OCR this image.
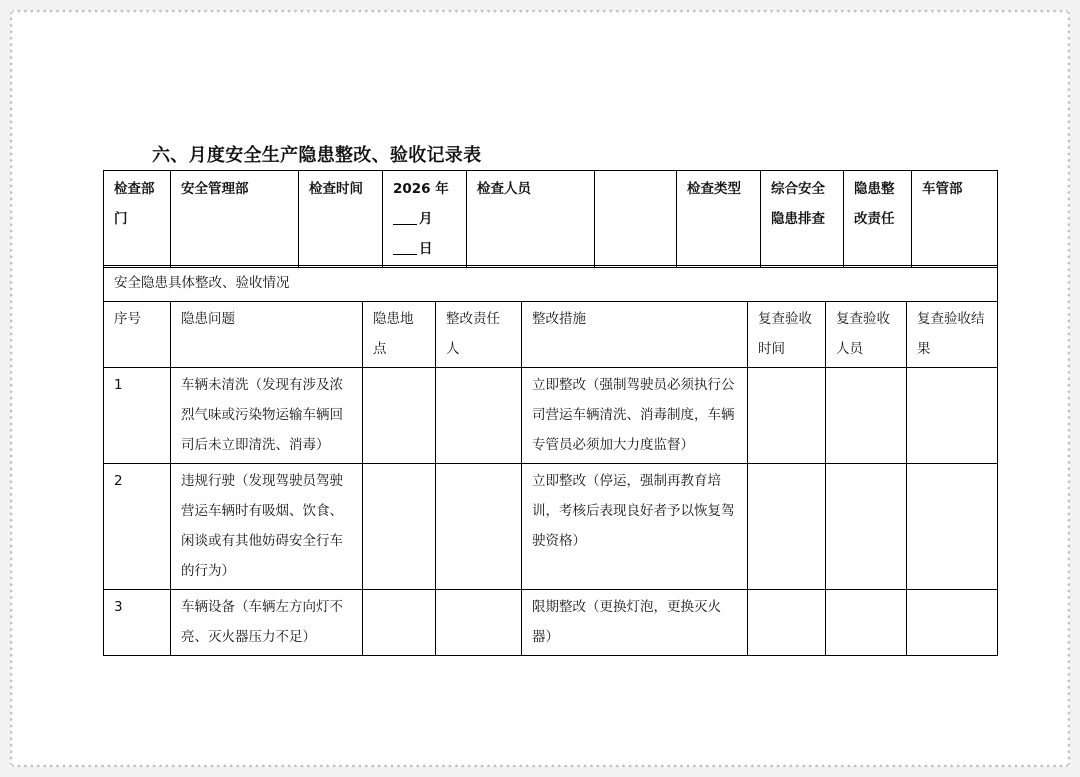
六、月度安全生产隐患整改、验收记录表
检查部门	安全管理部	检查时间	2026 年
月
日
	检查人员		检查类型	综合安全隐患排查	隐患整改责任	车管部
安全隐患具体整改、验收情况							
序号	隐患问题	隐患地点	整改责任人	整改措施	复查验收时间	复查验收人员	复查验收结果
1	车辆未清洗（发现有涉及浓烈气味或污染物运输车辆回司后未立即清洗、消毒）			立即整改（强制驾驶员必须执行公司营运车辆清洗、消毒制度，车辆专管员必须加大力度监督）			
2	违规行驶（发现驾驶员驾驶营运车辆时有吸烟、饮食、闲谈或有其他妨碍安全行车的行为）			立即整改（停运，强制再教育培训，考核后表现良好者予以恢复驾驶资格）			
3	车辆设备（车辆左方向灯不亮、灭火器压力不足）			限期整改（更换灯泡，更换灭火器）			
